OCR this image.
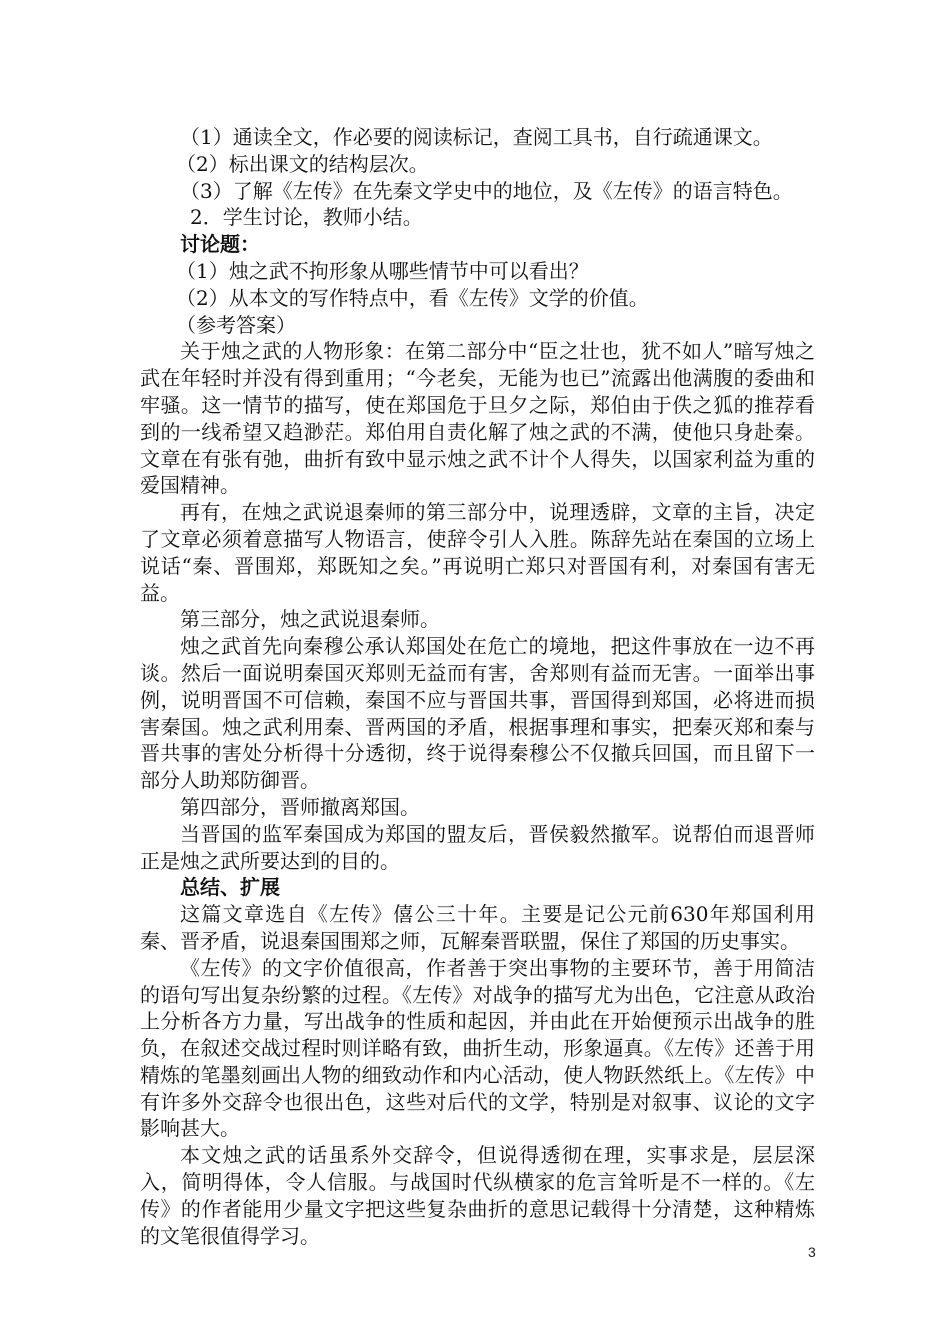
（1）通读全文，作必要的阅读标记，查阅工具书，自行疏通课文。

（2）标出课文的结构层次。

（3）了解《左传》在先秦文学史中的地位，及《左传》的语言特色。

2．学生讨论，教师小结。

讨论题：

（1）烛之武不拘形象从哪些情节中可以看出？

（2）从本文的写作特点中，看《左传》文学的价值。

（参考答案）

关于烛之武的人物形象：在第二部分中“臣之壮也，犹不如人”暗写烛之武在年轻时并没有得到重用；“今老矣，无能为也已”流露出他满腹的委曲和牢骚。这一情节的描写，使在郑国危于旦夕之际，郑伯由于佚之狐的推荐看到的一线希望又趋渺茫。郑伯用自责化解了烛之武的不满，使他只身赴秦。文章在有张有弛，曲折有致中显示烛之武不计个人得失，以国家利益为重的爱国精神。

再有，在烛之武说退秦师的第三部分中，说理透辟，文章的主旨，决定了文章必须着意描写人物语言，使辞令引人入胜。陈辞先站在秦国的立场上说话“秦、晋围郑，郑既知之矣。”再说明亡郑只对晋国有利，对秦国有害无益。

第三部分，烛之武说退秦师。

烛之武首先向秦穆公承认郑国处在危亡的境地，把这件事放在一边不再谈。然后一面说明秦国灭郑则无益而有害，舍郑则有益而无害。一面举出事例，说明晋国不可信赖，秦国不应与晋国共事，晋国得到郑国，必将进而损害秦国。烛之武利用秦、晋两国的矛盾，根据事理和事实，把秦灭郑和秦与晋共事的害处分析得十分透彻，终于说得秦穆公不仅撤兵回国，而且留下一部分人助郑防御晋。

第四部分，晋师撤离郑国。

当晋国的监军秦国成为郑国的盟友后，晋侯毅然撤军。说帮伯而退晋师正是烛之武所要达到的目的。

总结、扩展

这篇文章选自《左传》僖公三十年。主要是记公元前630年郑国利用秦、晋矛盾，说退秦国围郑之师，瓦解秦晋联盟，保住了郑国的历史事实。

《左传》的文字价值很高，作者善于突出事物的主要环节，善于用简洁的语句写出复杂纷繁的过程。《左传》对战争的描写尤为出色，它注意从政治上分析各方力量，写出战争的性质和起因，并由此在开始便预示出战争的胜负，在叙述交战过程时则详略有致，曲折生动，形象逼真。《左传》还善于用精炼的笔墨刻画出人物的细致动作和内心活动，使人物跃然纸上。《左传》中有许多外交辞令也很出色，这些对后代的文学，特别是对叙事、议论的文字影响甚大。

本文烛之武的话虽系外交辞令，但说得透彻在理，实事求是，层层深入，简明得体，令人信服。与战国时代纵横家的危言耸听是不一样的。《左传》的作者能用少量文字把这些复杂曲折的意思记载得十分清楚，这种精炼的文笔很值得学习。

3
